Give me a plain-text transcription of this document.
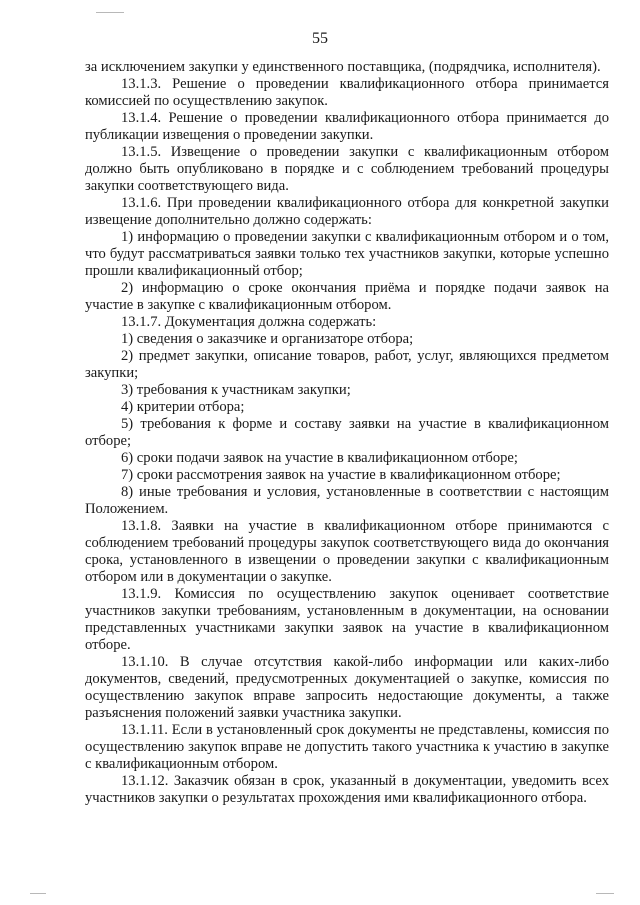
55

за исключением закупки у единственного поставщика, (подрядчика, исполнителя).

13.1.3. Решение о проведении квалификационного отбора принимается комиссией по осуществлению закупок.

13.1.4. Решение о проведении квалификационного отбора принимается до публикации извещения о проведении закупки.

13.1.5. Извещение о проведении закупки с квалификационным отбором должно быть опубликовано в порядке и с соблюдением требований процедуры закупки соответствующего вида.

13.1.6. При проведении квалификационного отбора для конкретной закупки извещение дополнительно должно содержать:

1) информацию о проведении закупки с квалификационным отбором и о том, что будут рассматриваться заявки только тех участников закупки, которые успешно прошли квалификационный отбор;

2) информацию о сроке окончания приёма и порядке подачи заявок на участие в закупке с квалификационным отбором.

13.1.7. Документация должна содержать:

1) сведения о заказчике и организаторе отбора;

2) предмет закупки, описание товаров, работ, услуг, являющихся предметом закупки;

3) требования к участникам закупки;

4) критерии отбора;

5) требования к форме и составу заявки на участие в квалификационном отборе;

6) сроки подачи заявок на участие в квалификационном отборе;

7) сроки рассмотрения заявок на участие в квалификационном отборе;

8) иные требования и условия, установленные в соответствии с настоящим Положением.

13.1.8. Заявки на участие в квалификационном отборе принимаются с соблюдением требований процедуры закупок соответствующего вида до окончания срока, установленного в извещении о проведении закупки с квалификационным отбором или в документации о закупке.

13.1.9. Комиссия по осуществлению закупок оценивает соответствие участников закупки требованиям, установленным в документации, на основании представленных участниками закупки заявок на участие в квалификационном отборе.

13.1.10. В случае отсутствия какой-либо информации или каких-либо документов, сведений, предусмотренных документацией о закупке, комиссия по осуществлению закупок вправе запросить недостающие документы, а также разъяснения положений заявки участника закупки.

13.1.11. Если в установленный срок документы не представлены, комиссия по осуществлению закупок вправе не допустить такого участника к участию в закупке с квалификационным отбором.

13.1.12. Заказчик обязан в срок, указанный в документации, уведомить всех участников закупки о результатах прохождения ими квалификационного отбора.
